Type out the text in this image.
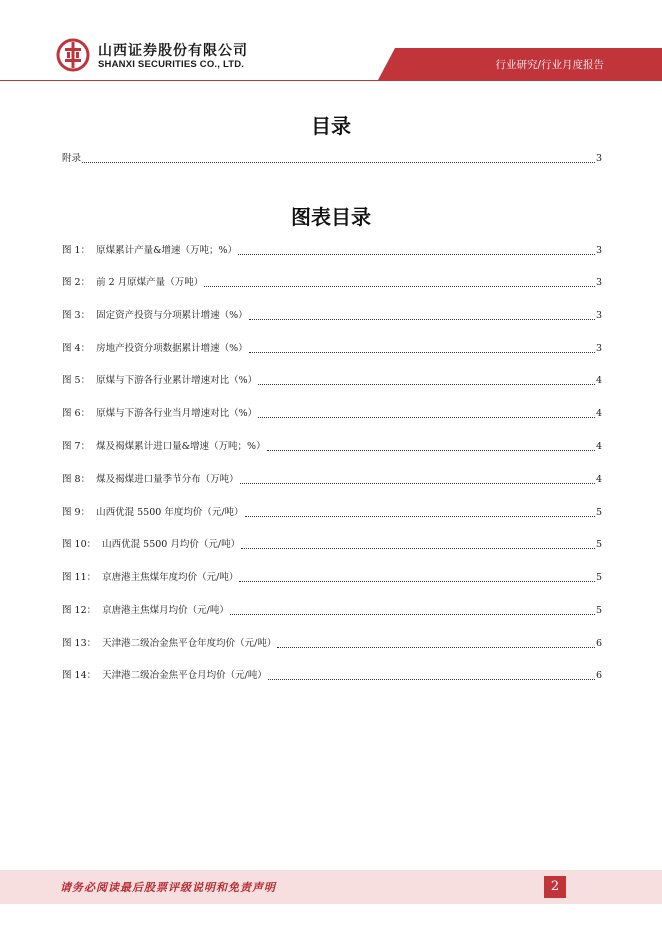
山西证券股份有限公司
SHANXI SECURITIES CO., LTD.	行业研究/行业月度报告
目录
附录	3
图表目录
图 1：  原煤累计产量&增速（万吨；%）	3
图 2：  前 2 月原煤产量（万吨）	3
图 3：  固定资产投资与分项累计增速（%）	3
图 4：  房地产投资分项数据累计增速（%）	3
图 5：  原煤与下游各行业累计增速对比（%）	4
图 6：  原煤与下游各行业当月增速对比（%）	4
图 7：  煤及褐煤累计进口量&增速（万吨；%）	4
图 8：  煤及褐煤进口量季节分布（万吨）	4
图 9：  山西优混 5500 年度均价（元/吨）	5
图 10：  山西优混 5500 月均价（元/吨）	5
图 11：  京唐港主焦煤年度均价（元/吨）	5
图 12：  京唐港主焦煤月均价（元/吨）	5
图 13：  天津港二级冶金焦平仓年度均价（元/吨）	6
图 14：  天津港二级冶金焦平仓月均价（元/吨）	6
请务必阅读最后股票评级说明和免责声明	2
